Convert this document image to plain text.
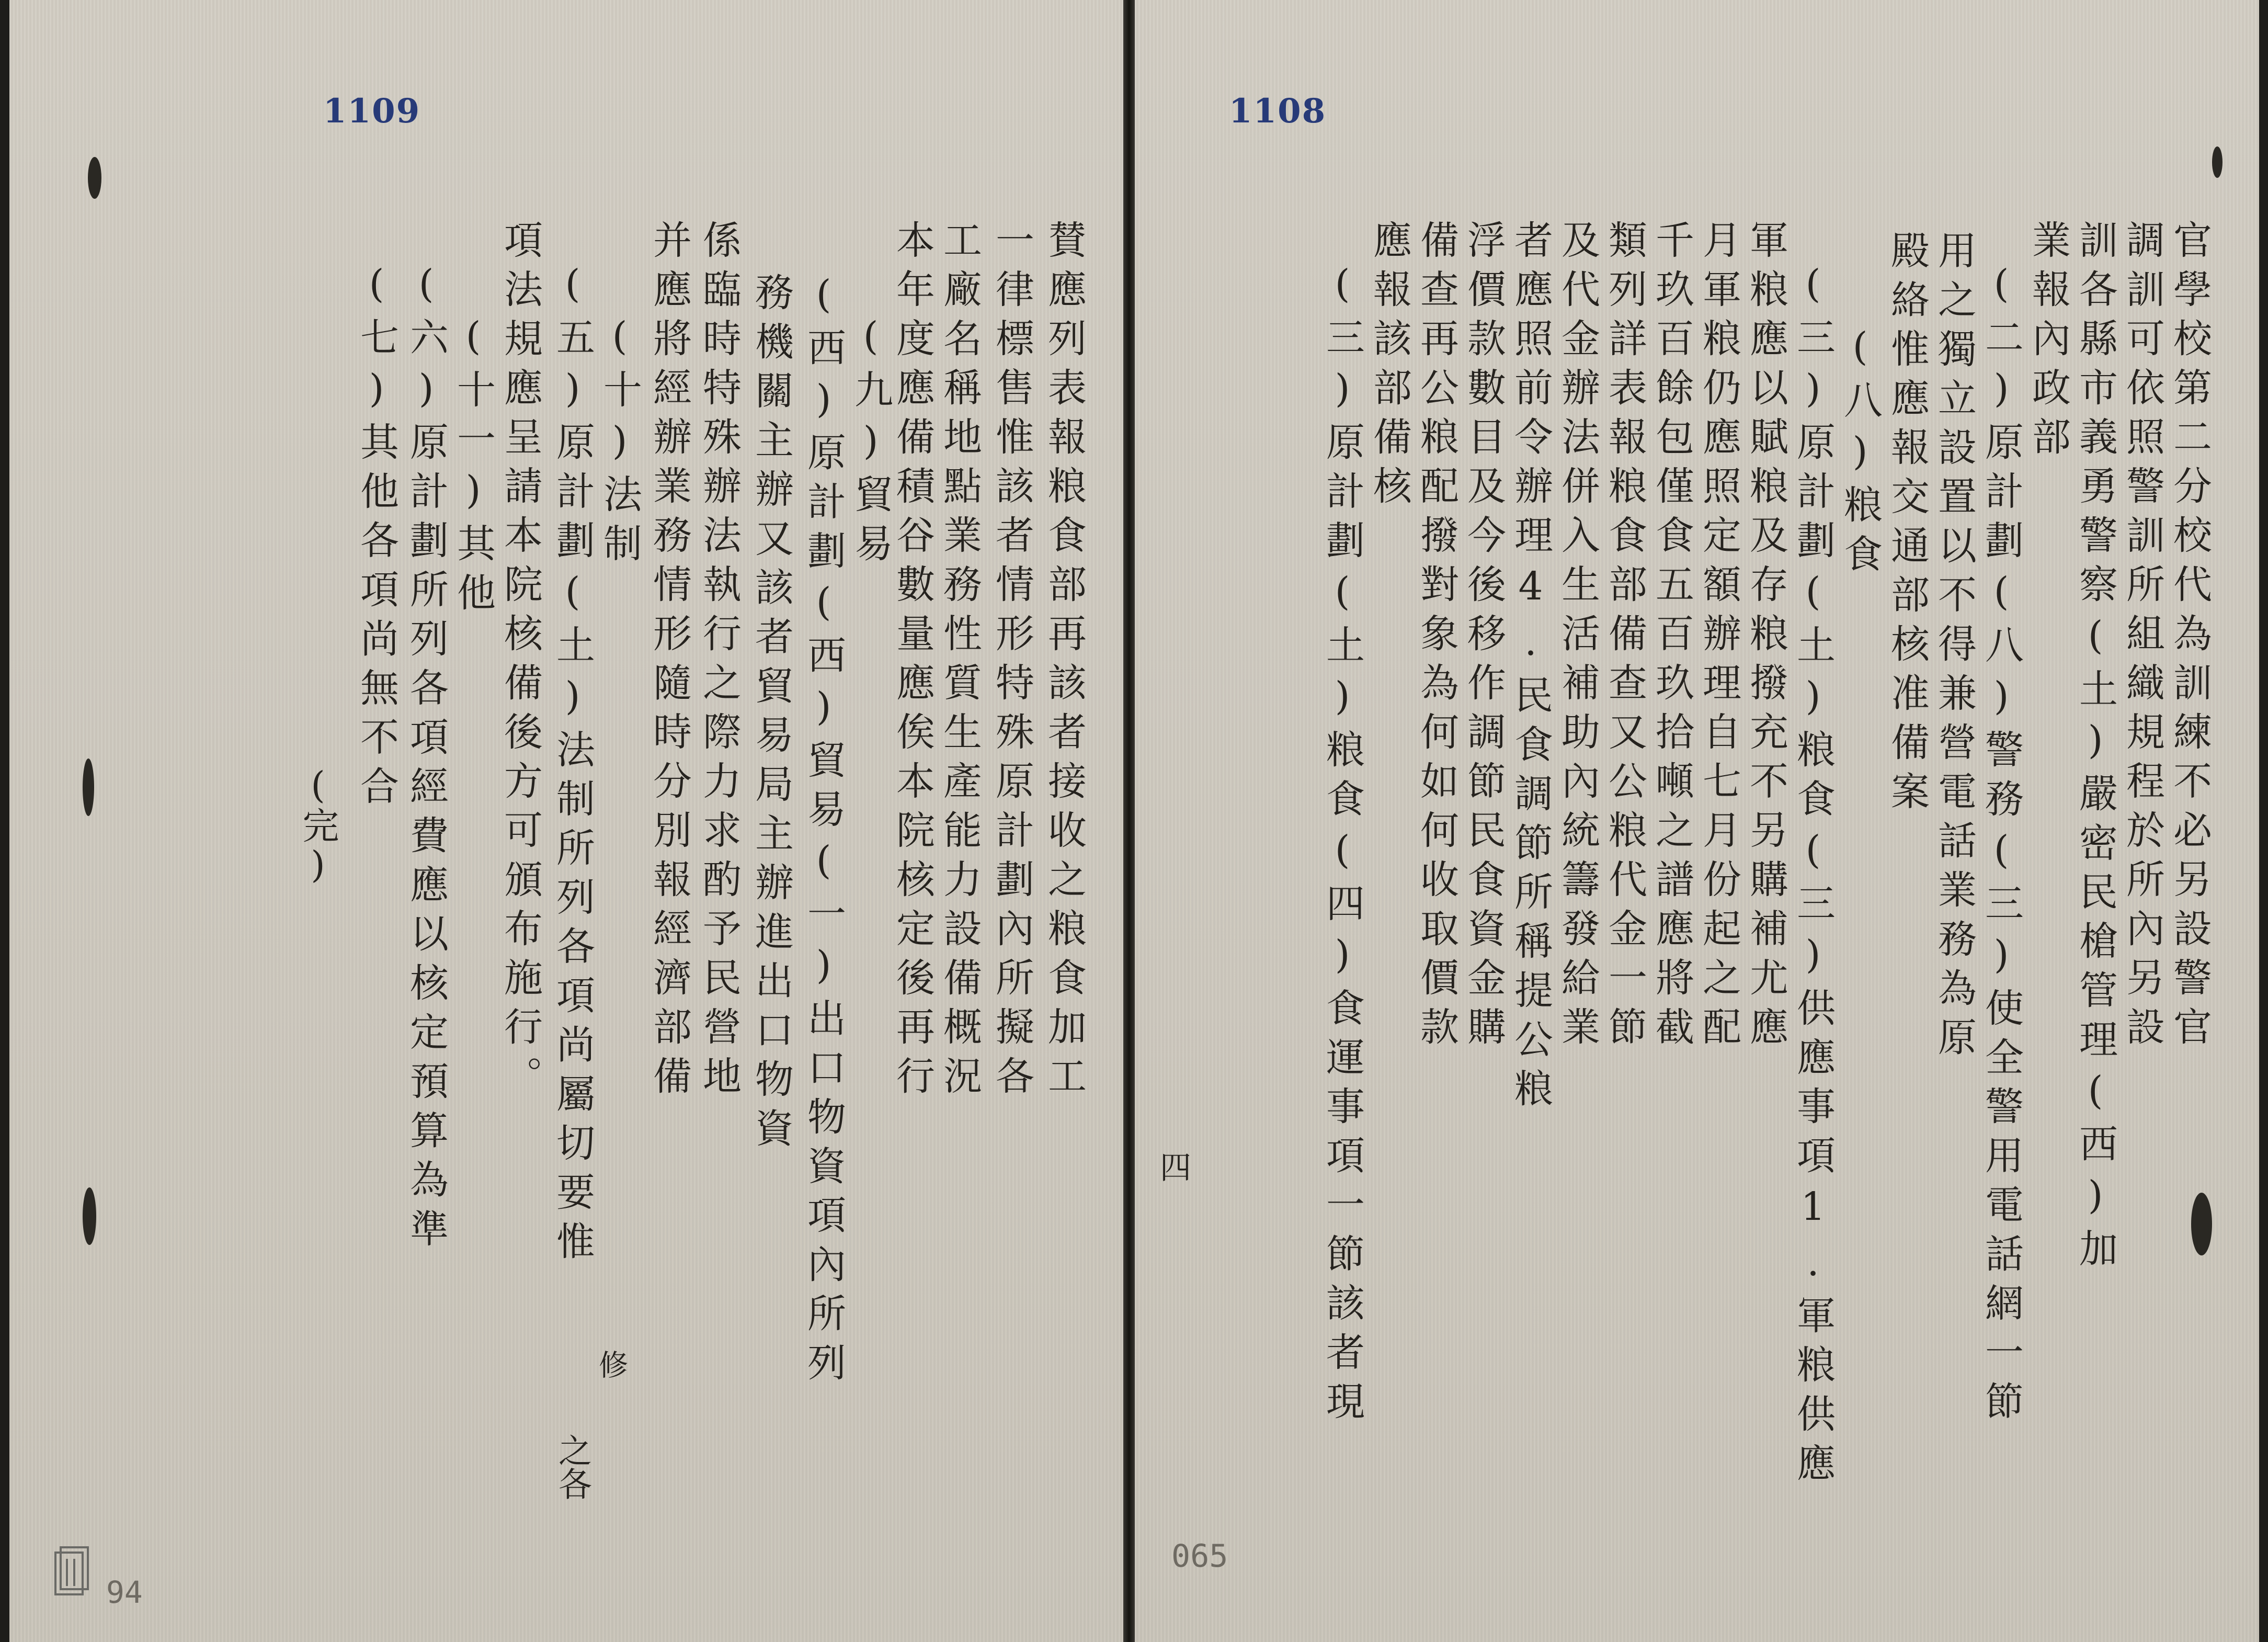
1109
賛應列表報粮食部再該者接收之粮食加工
一律標售惟該者情形特殊原計劃內所擬各
工廠名稱地點業務性質生產能力設備概況
本年度應備積谷數量應俟本院核定後再行
(九)貿易
(西)原計劃(西)貿易(一)出口物資項內所列
務機關主辦又該者貿易局主辦進出口物資
係臨時特殊辦法執行之際力求酌予民營地
并應將經辦業務情形隨時分別報經濟部備
(十)法制
(五)原計劃(土)法制所列各項尚屬切要惟
項法規應呈請本院核備後方可頒布施行。
(十一)其他
(六)原計劃所列各項經費應以核定預算為準
(七)其他各項尚無不合
(完)
修
之各
94
1108
官學校第二分校代為訓練不必另設警官
調訓可依照警訓所組織規程於所內另設
訓各縣市義勇警察(土)嚴密民槍管理(西)加
業報內政部
(二)原計劃(八)警務(三)使全警用電話網一節
用之獨立設置以不得兼營電話業務為原
殿絡惟應報交通部核准備案
(八)粮食
(三)原計劃(土)粮食(三)供應事項1.軍粮供應
軍粮應以賦粮及存粮撥充不另購補尤應
月軍粮仍應照定額辦理自七月份起之配
千玖百餘包僅食五百玖拾噸之譜應將截
類列詳表報粮食部備查又公粮代金一節
及代金辦法併入生活補助內統籌發給業
者應照前令辦理4.民食調節所稱提公粮
浮價款數目及今後移作調節民食資金購
備查再公粮配撥對象為何如何收取價款
應報該部備核
(三)原計劃(土)粮食(四)食運事項一節該者現
四
065
